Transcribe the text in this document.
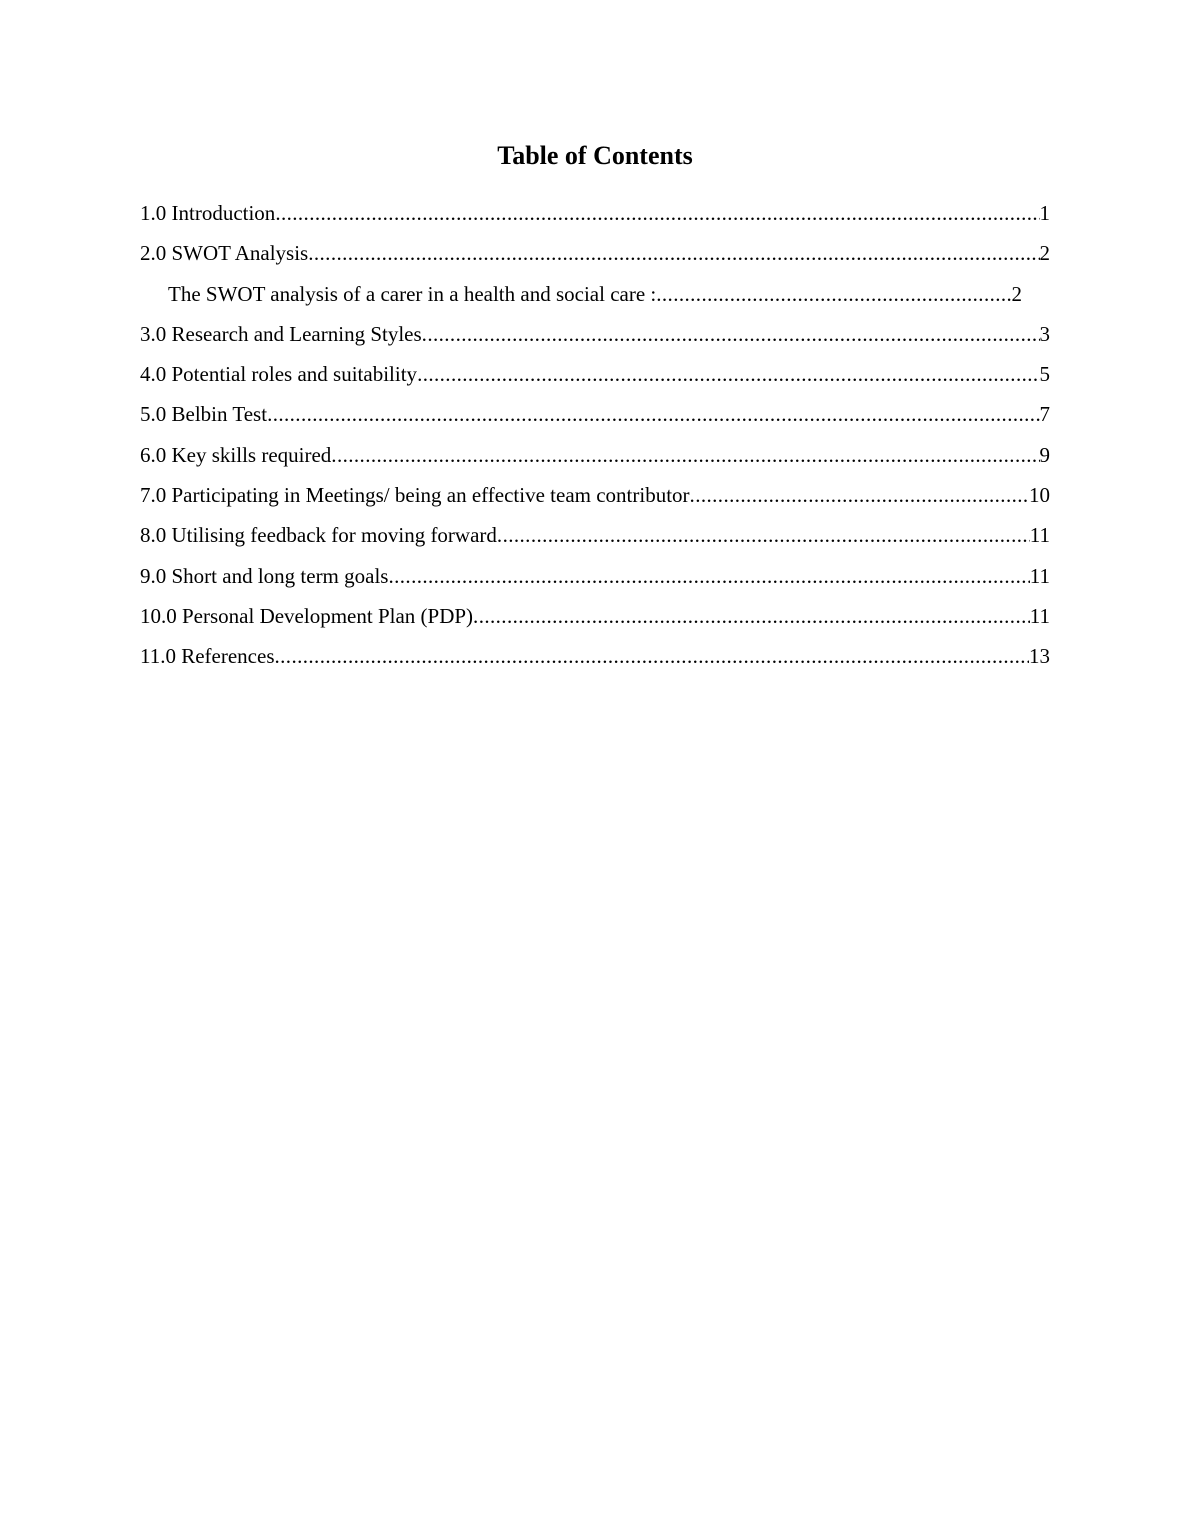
Table of Contents
1.0 Introduction .....	1
2.0 SWOT Analysis .....	2
The SWOT analysis of a carer in a health and social care : .....	2
3.0 Research and Learning Styles .....	3
4.0 Potential roles and suitability .....	5
5.0 Belbin Test .....	7
6.0 Key skills required .....	9
7.0 Participating in Meetings/ being an effective team contributor .....	10
8.0 Utilising feedback for moving forward .....	11
9.0 Short and long term goals .....	11
10.0 Personal Development Plan (PDP) .....	11
11.0 References .....	13
